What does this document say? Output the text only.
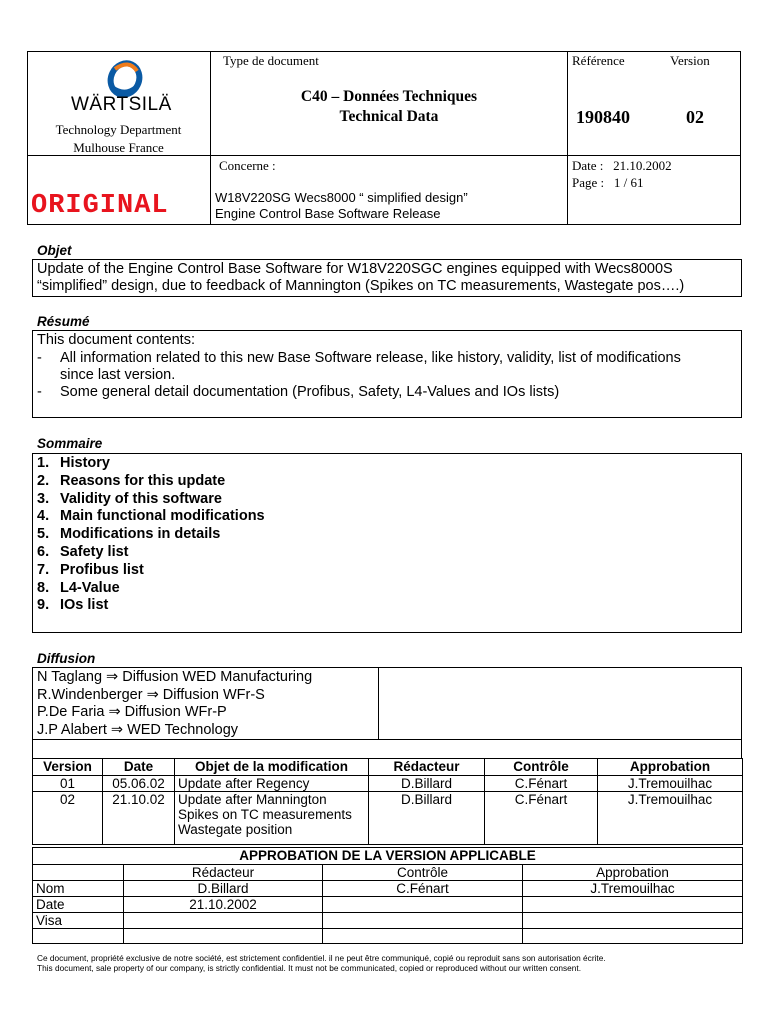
WÄRTSILÄ
Technology Department
Mulhouse France
ORIGINAL
Type de document
C40 – Données Techniques
Technical Data
Référence	Version
190840	02
Concerne :
W18V220SG Wecs8000 “ simplified design”
Engine Control Base Software Release
Date :   21.10.2002
Page :   1 / 61
Objet
Update of the Engine Control Base Software for W18V220SGC engines equipped with Wecs8000S
“simplified” design, due to feedback of Mannington (Spikes on TC measurements, Wastegate pos….)
Résumé
This document contents:
- All information related to this new Base Software release, like history, validity, list of modifications
since last version.
- Some general detail documentation (Profibus, Safety, L4-Values and IOs lists)
Sommaire
1. History
2. Reasons for this update
3. Validity of this software
4. Main functional modifications
5. Modifications in details
6. Safety list
7. Profibus list
8. L4-Value
9. IOs list
Diffusion
N Taglang ⇒ Diffusion WED Manufacturing
R.Windenberger ⇒ Diffusion WFr-S
P.De Faria ⇒ Diffusion WFr-P
J.P Alabert ⇒ WED Technology
Version	Date	Objet de la modification	Rédacteur	Contrôle	Approbation
01	05.06.02	Update after Regency	D.Billard	C.Fénart	J.Tremouilhac
02	21.10.02	Update after Mannington
Spikes on TC measurements
Wastegate position	D.Billard	C.Fénart	J.Tremouilhac
APPROBATION DE LA VERSION APPLICABLE			
	Rédacteur	Contrôle	Approbation
Nom	D.Billard	C.Fénart	J.Tremouilhac
Date	21.10.2002		
Visa			

Ce document, propriété exclusive de notre société, est strictement confidentiel. il ne peut être communiqué, copié ou reproduit sans son autorisation écrite.
This document, sale property of our company, is strictly confidential. It must not be communicated, copied or reproduced without our written consent.
